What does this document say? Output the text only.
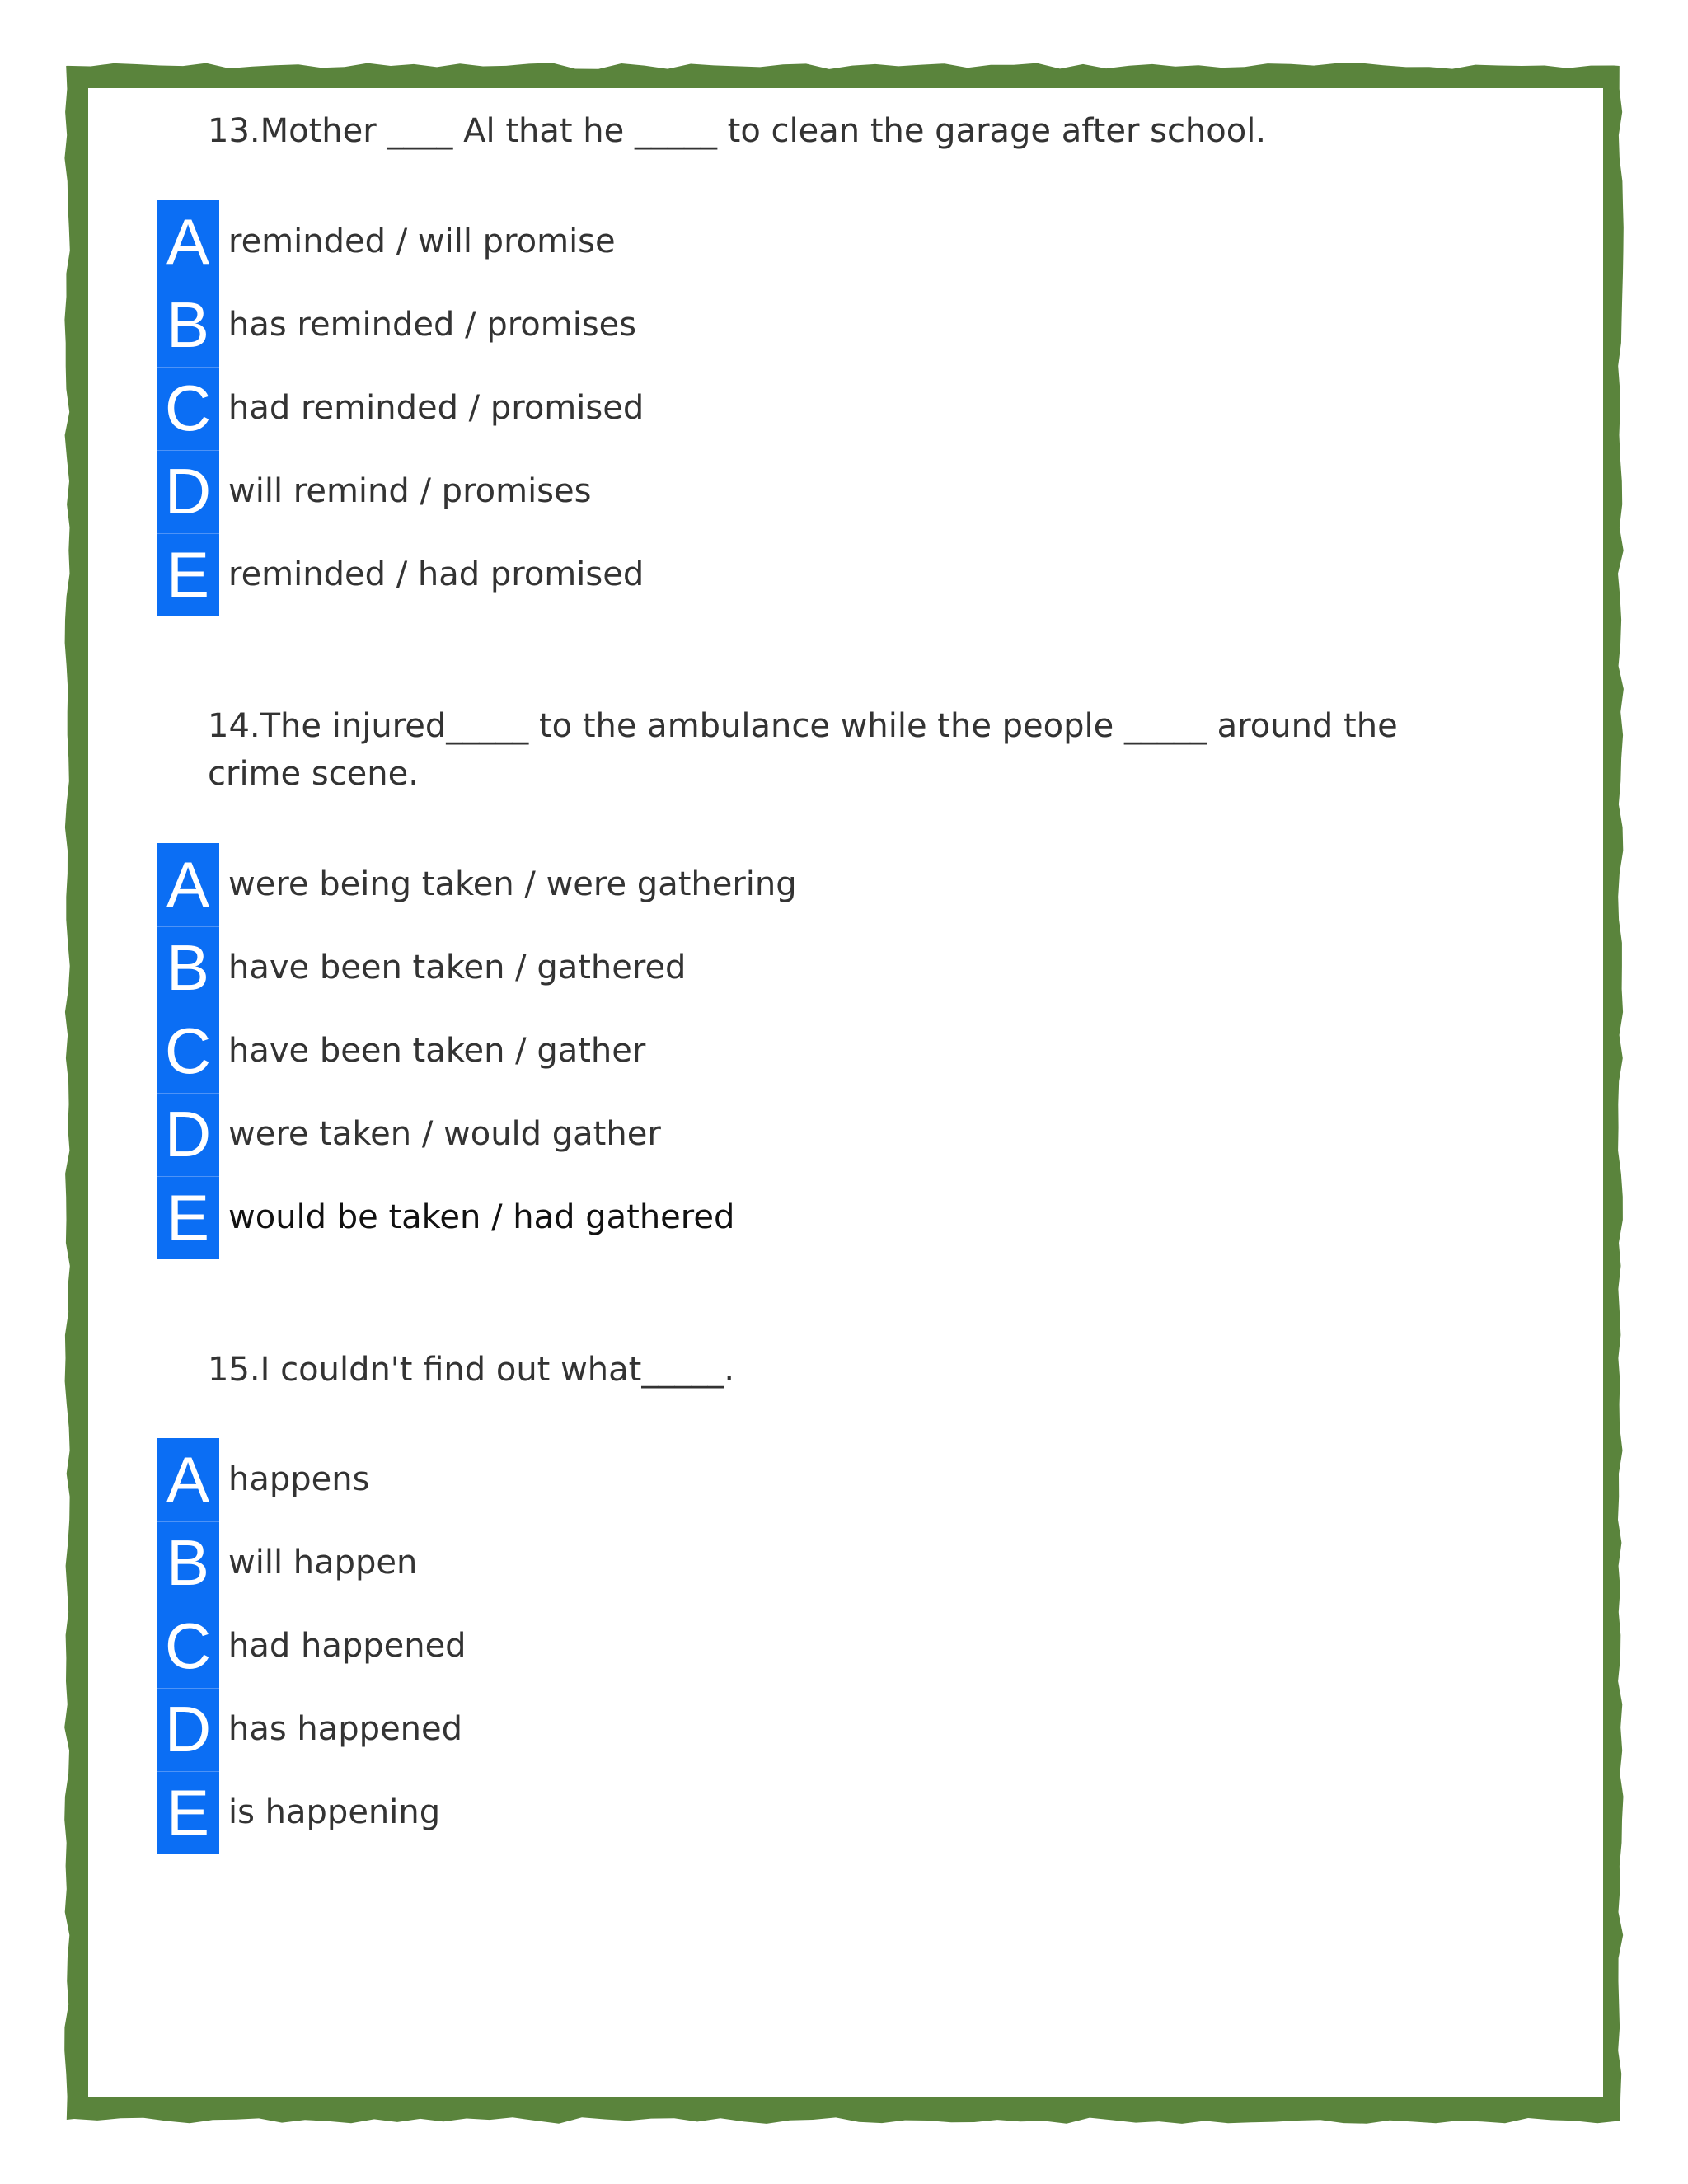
13.Mother ____ Al that he _____ to clean the garage after school.
A reminded / will promise
B has reminded / promises
C had reminded / promised
D will remind / promises
E reminded / had promised
14.The injured_____ to the ambulance while the people _____ around the crime scene.
A were being taken / were gathering
B have been taken / gathered
C have been taken / gather
D were taken / would gather
E would be taken / had gathered
15.I couldn't find out what_____.
A happens
B will happen
C had happened
D has happened
E is happening
